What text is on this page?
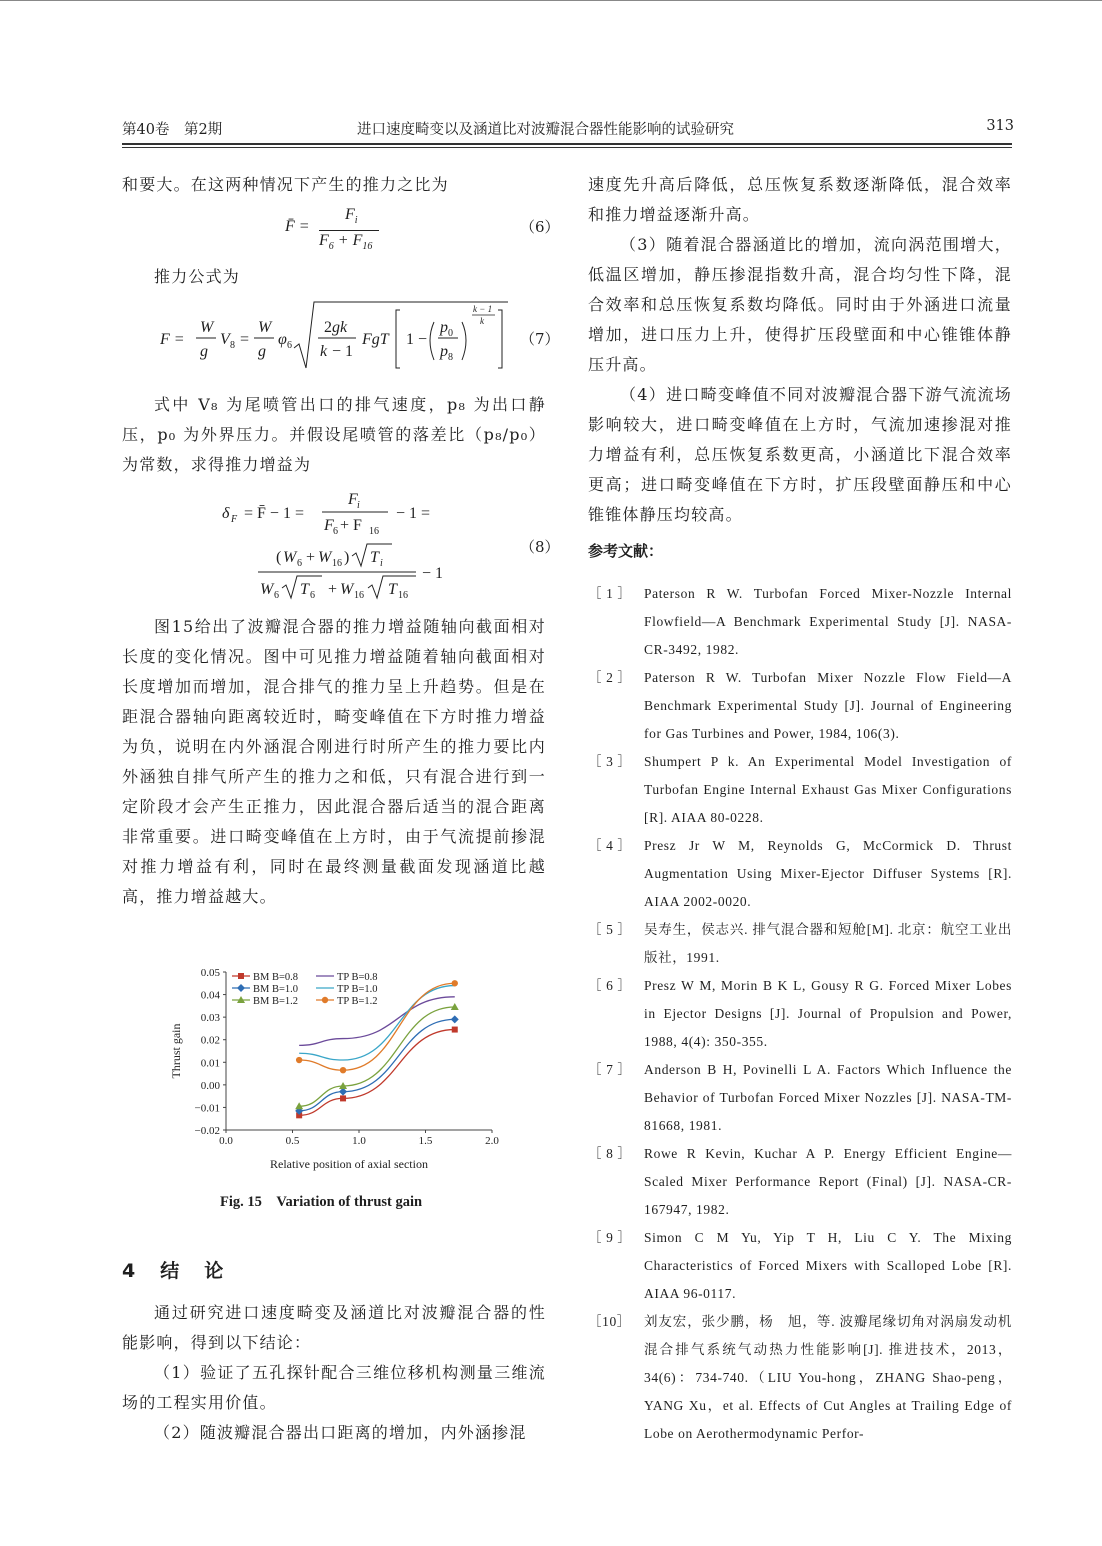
第40卷　第2期	进口速度畸变以及涵道比对波瓣混合器性能影响的试验研究	313

和要大。在这两种情况下产生的推力之比为

F̄ =
$F_i$
$F_6 + F_{16}$
（6）

推力公式为

F =
W
g
V 8 =
W
g
φ 6
2 gk
k − 1
FgT 1 −
p 0
p 8
k − 1
k
（7）

式中 V₈ 为尾喷管出口的排气速度，p₈ 为出口静压，p₀ 为外界压力。并假设尾喷管的落差比（p₈/p₀）为常数，求得推力增益为

δ F = F̄ − 1 =
F i
F 6 + F 16
− 1 =
( W 6 + W 16 ) T i
W 6 T 6 + W 16 T 16
− 1
（8）

图15给出了波瓣混合器的推力增益随轴向截面相对长度的变化情况。图中可见推力增益随着轴向截面相对长度增加而增加，混合排气的推力呈上升趋势。但是在距混合器轴向距离较近时，畸变峰值在下方时推力增益为负，说明在内外涵混合刚进行时所产生的推力要比内外涵独自排气所产生的推力之和低，只有混合进行到一定阶段才会产生正推力，因此混合器后适当的混合距离非常重要。进口畸变峰值在上方时，由于气流提前掺混对推力增益有利，同时在最终测量截面发现涵道比越高，推力增益越大。

0.05
0.04
0.03
0.02
0.01
0.00
−0.01
−0.02
0.0	0.5	1.0	1.5	2.0
Relative position of axial section
Thrust gain
BM B=0.8
BM B=1.0
BM B=1.2
TP B=0.8
TP B=1.0
TP B=1.2
Fig. 15　Variation of thrust gain
4　结　论

通过研究进口速度畸变及涵道比对波瓣混合器的性能影响，得到以下结论：

（1）验证了五孔探针配合三维位移机构测量三维流场的工程实用价值。

（2）随波瓣混合器出口距离的增加，内外涵掺混

速度先升高后降低，总压恢复系数逐渐降低，混合效率和推力增益逐渐升高。

（3）随着混合器涵道比的增加，流向涡范围增大，低温区增加，静压掺混指数升高，混合均匀性下降，混合效率和总压恢复系数均降低。同时由于外涵进口流量增加，进口压力上升，使得扩压段壁面和中心锥锥体静压升高。

（4）进口畸变峰值不同对波瓣混合器下游气流流场影响较大，进口畸变峰值在上方时，气流加速掺混对推力增益有利，总压恢复系数更高，小涵道比下混合效率更高；进口畸变峰值在下方时，扩压段壁面静压和中心锥锥体静压均较高。

参考文献：
［ 1 ］ Paterson R W. Turbofan Forced Mixer-Nozzle Internal Flowfield—A Benchmark Experimental Study [J]. NASA-CR-3492, 1982.
［ 2 ］ Paterson R W. Turbofan Mixer Nozzle Flow Field—A Benchmark Experimental Study [J]. Journal of Engineering for Gas Turbines and Power, 1984, 106(3).
［ 3 ］ Shumpert P k. An Experimental Model Investigation of Turbofan Engine Internal Exhaust Gas Mixer Configurations [R]. AIAA 80-0228.
［ 4 ］ Presz Jr W M, Reynolds G, McCormick D. Thrust Augmentation Using Mixer-Ejector Diffuser Systems [R]. AIAA 2002-0020.
［ 5 ］ 吴寿生，侯志兴. 排气混合器和短舱[M]. 北京：航空工业出版社，1991.
［ 6 ］ Presz W M, Morin B K L, Gousy R G. Forced Mixer Lobes in Ejector Designs [J]. Journal of Propulsion and Power, 1988, 4(4): 350-355.
［ 7 ］ Anderson B H, Povinelli L A. Factors Which Influence the Behavior of Turbofan Forced Mixer Nozzles [J]. NASA-TM-81668, 1981.
［ 8 ］ Rowe R Kevin, Kuchar A P. Energy Efficient Engine—Scaled Mixer Performance Report (Final) [J]. NASA-CR-167947, 1982.
［ 9 ］ Simon C M Yu, Yip T H, Liu C Y. The Mixing Characteristics of Forced Mixers with Scalloped Lobe [R]. AIAA 96-0117.
［10］ 刘友宏，张少鹏，杨　旭，等. 波瓣尾缘切角对涡扇发动机混合排气系统气动热力性能影响[J]. 推进技术，2013，34(6)：734-740.（LIU You-hong，ZHANG Shao-peng，YANG Xu，et al. Effects of Cut Angles at Trailing Edge of Lobe on Aerothermodynamic Perfor-
